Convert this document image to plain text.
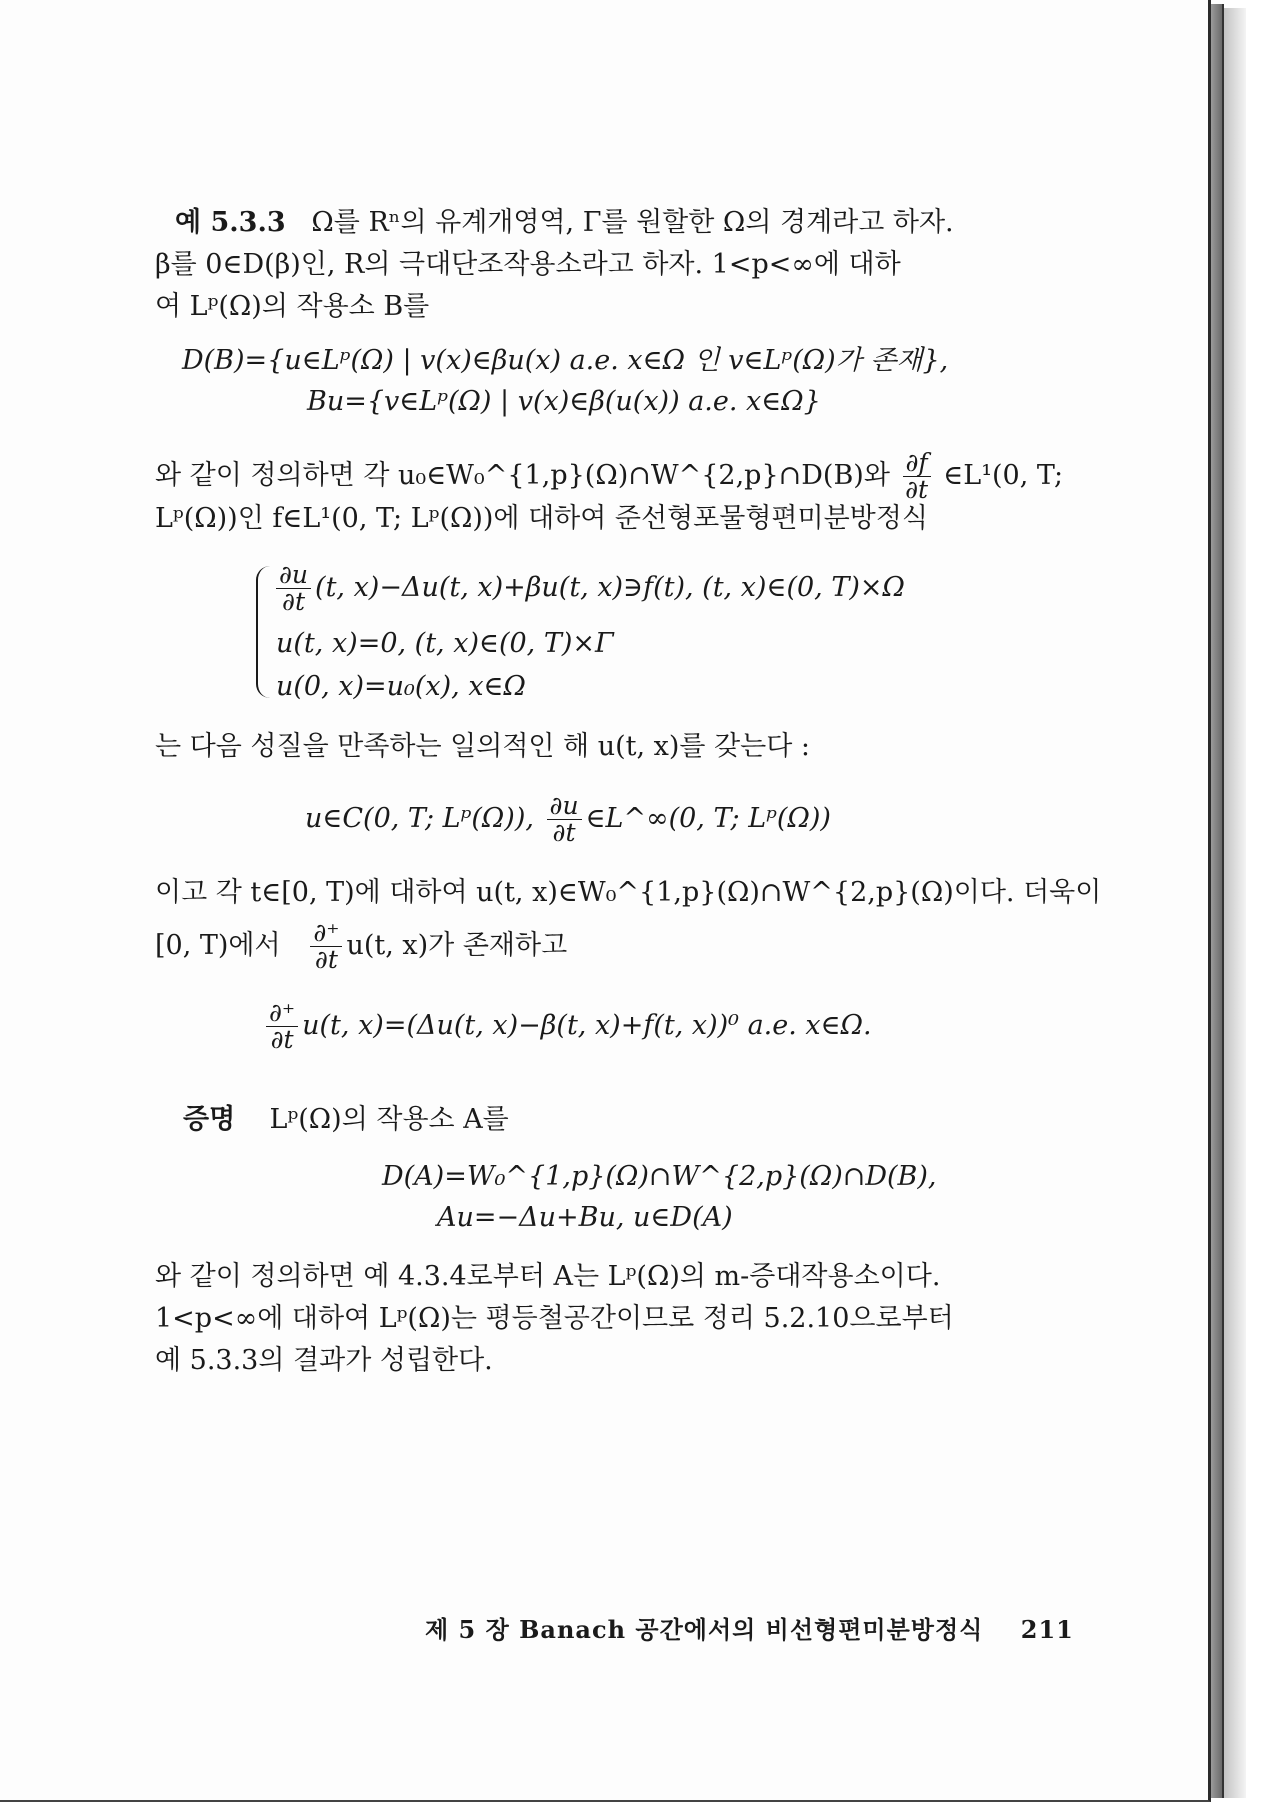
예 5.3.3 Ω를 Rⁿ의 유계개영역, Γ를 원할한 Ω의 경계라고 하자.
β를 0∈D(β)인, R의 극대단조작용소라고 하자. 1<p<∞에 대하
여 Lᵖ(Ω)의 작용소 B를
D(B)={u∈Lᵖ(Ω) | v(x)∈βu(x) a.e. x∈Ω 인 v∈Lᵖ(Ω)가 존재},
Bu={v∈Lᵖ(Ω) | v(x)∈β(u(x)) a.e. x∈Ω}
와 같이 정의하면 각 u₀∈W₀^{1,p}(Ω)∩W^{2,p}∩D(B)와 $\frac{\partial f}{\partial t}$ ∈L¹(0, T;
Lᵖ(Ω))인 f∈L¹(0, T; Lᵖ(Ω))에 대하여 준선형포물형편미분방정식
$\frac{\partial u}{\partial t} (t$, x)−Δu(t, x)+βu(t, x)∋f(t), (t, x)∈(0, T)×Ω
u(t, x)=0, (t, x)∈(0, T)×Γ
u(0, x)=u₀(x), x∈Ω
는 다음 성질을 만족하는 일의적인 해 u(t, x)를 갖는다 :
u∈C(0, T; Lᵖ(Ω)), $\frac{\partial u}{\partial t}$ ∈L^∞(0, T; Lᵖ(Ω))
이고 각 t∈[0, T)에 대하여 u(t, x)∈W₀^{1,p}(Ω)∩W^{2,p}(Ω)이다. 더욱이
[0, T)에서 $\frac{\partial^+}{\partial t} u(t$, x)가 존재하고
$\frac{\partial^+}{\partial t} u(t$, x)=(Δu(t, x)−β(t, x)+f(t, x))⁰ a.e. x∈Ω.
증명 Lᵖ(Ω)의 작용소 A를
D(A)=W₀^{1,p}(Ω)∩W^{2,p}(Ω)∩D(B),
Au=−Δu+Bu, u∈D(A)
와 같이 정의하면 예 4.3.4로부터 A는 Lᵖ(Ω)의 m-증대작용소이다.
1<p<∞에 대하여 Lᵖ(Ω)는 평등철공간이므로 정리 5.2.10으로부터
예 5.3.3의 결과가 성립한다.
제 5 장 Banach 공간에서의 비선형편미분방정식 211
